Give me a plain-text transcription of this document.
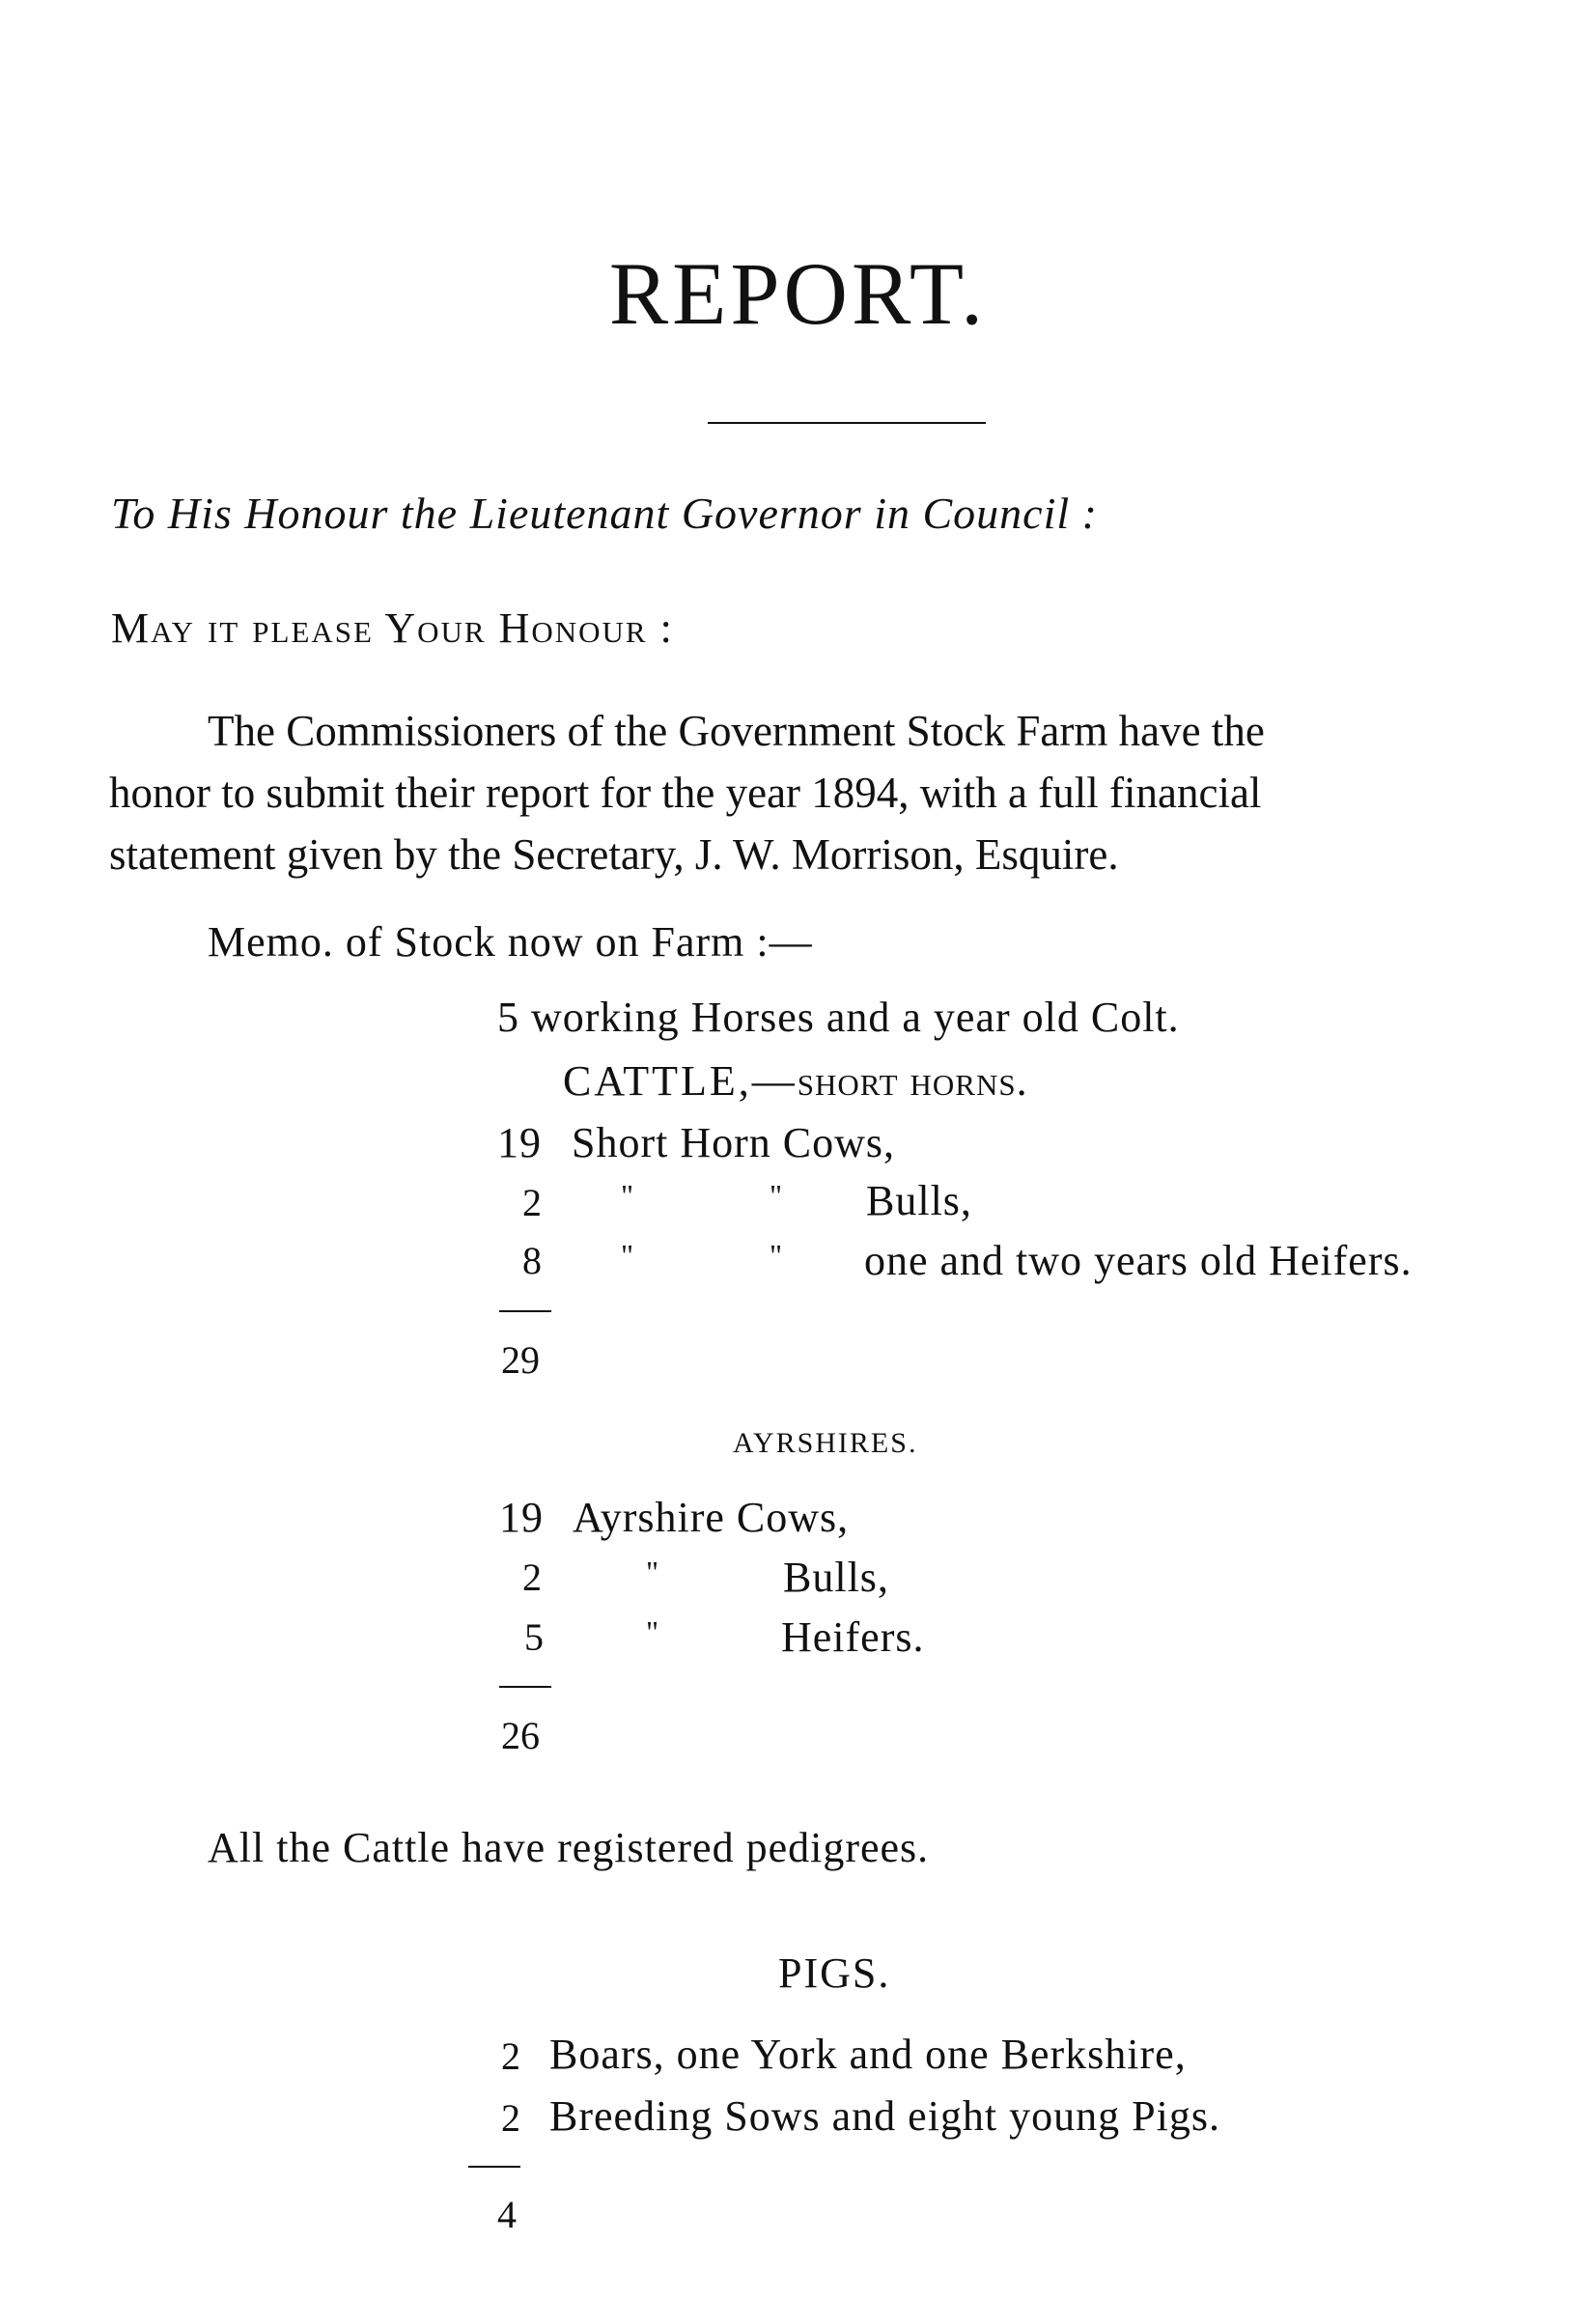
REPORT.
To His Honour the Lieutenant Governor in Council :
May it please Your Honour :
The Commissioners of the Government Stock Farm have the
honor to submit their report for the year 1894, with a full financial
statement given by the Secretary, J. W. Morrison, Esquire.
Memo. of Stock now on Farm :—
5 working Horses and a year old Colt.
CATTLE,—short horns.
19 Short Horn Cows,
2	"	" Bulls,
8	"	" one and two years old Heifers.
29
AYRSHIRES.
19 Ayrshire Cows,
2	"	Bulls,
5	"	Heifers.
26
All the Cattle have registered pedigrees.
PIGS.
2 Boars, one York and one Berkshire,
2 Breeding Sows and eight young Pigs.
4
